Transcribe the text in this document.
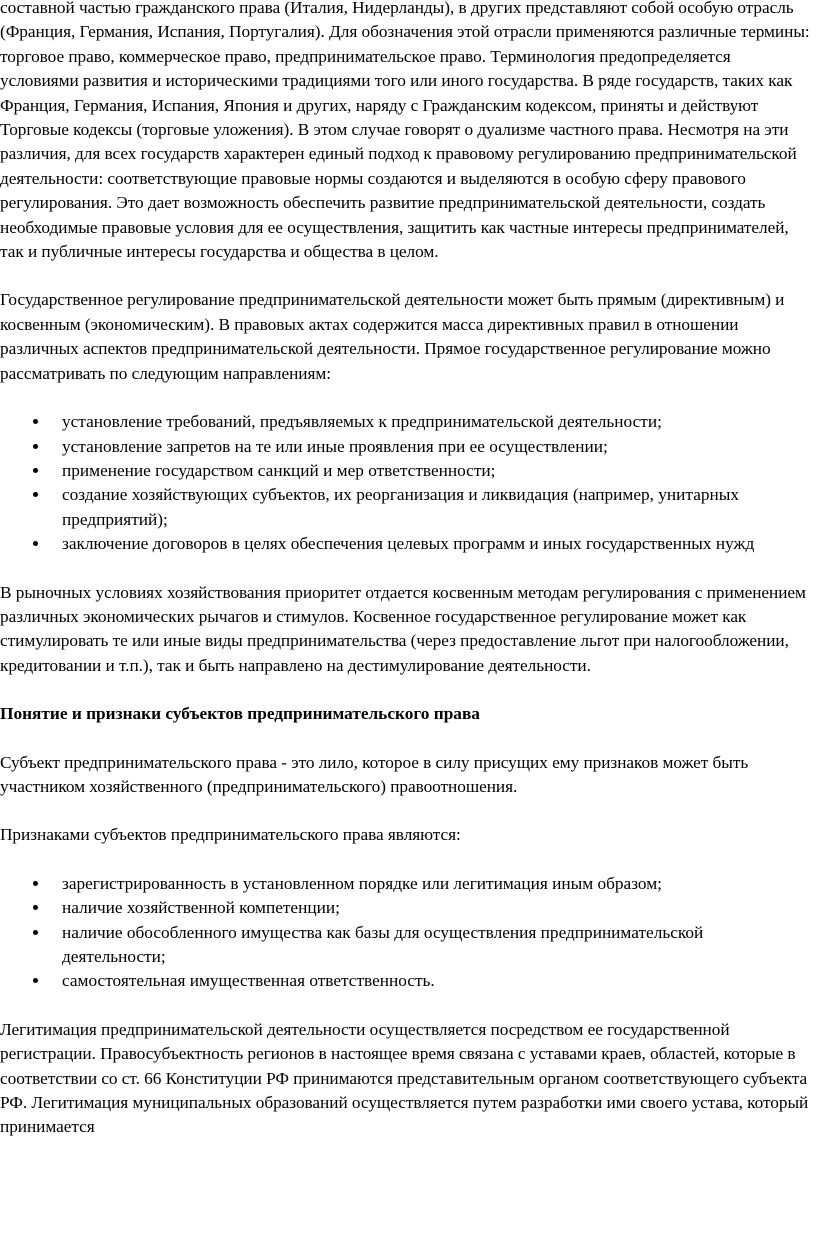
составной частью гражданского права (Италия, Нидерланды), в других представляют собой особую отрасль (Франция, Германия, Испания, Португалия). Для обозначения этой отрасли применяются различные термины: торговое право, коммерческое право, предпринимательское право. Терминология предопределяется условиями развития и историческими традициями того или иного государства. В ряде государств, таких как Франция, Германия, Испания, Япония и других, наряду с Гражданским кодексом, приняты и действуют Торговые кодексы (торговые уложения). В этом случае говорят о дуализме частного права. Несмотря на эти различия, для всех государств характерен единый подход к правовому регулированию предпринимательской деятельности: соответствующие правовые нормы создаются и выделяются в особую сферу правового регулирования. Это дает возможность обеспечить развитие предпринимательской деятельности, создать необходимые правовые условия для ее осуществления, защитить как частные интересы предпринимателей, так и публичные интересы государства и общества в целом.

Государственное регулирование предпринимательской деятельности может быть прямым (директивным) и косвенным (экономическим). В правовых актах содержится масса директивных правил в отношении различных аспектов предпринимательской деятельности. Прямое государственное регулирование можно рассматривать по следующим направлениям:

установление требований, предъявляемых к предпринимательской деятельности;
установление запретов на те или иные проявления при ее осуществлении;
применение государством санкций и мер ответственности;
создание хозяйствующих субъектов, их реорганизация и ликвидация (например, унитарных предприятий);
заключение договоров в целях обеспечения целевых программ и иных государственных нужд

В рыночных условиях хозяйствования приоритет отдается косвенным методам регулирования с применением различных экономических рычагов и стимулов. Косвенное государственное регулирование может как стимулировать те или иные виды предпринимательства (через предоставление льгот при налогообложении, кредитовании и т.п.), так и быть направлено на дестимулирование деятельности.

Понятие и признаки субъектов предпринимательского права

Субъект предпринимательского права - это лило, которое в силу присущих ему признаков может быть участником хозяйственного (предпринимательского) правоотношения.

Признаками субъектов предпринимательского права являются:

зарегистрированность в установленном порядке или легитимация иным образом;
наличие хозяйственной компетенции;
наличие обособленного имущества как базы для осуществления предпринимательской деятельности;
самостоятельная имущественная ответственность.

Легитимация предпринимательской деятельности осуществляется посредством ее государственной регистрации. Правосубъектность регионов в настоящее время связана с уставами краев, областей, которые в соответствии со ст. 66 Конституции РФ принимаются представительным органом соответствующего субъекта РФ. Легитимация муниципальных образований осуществляется путем разработки ими своего устава, который принимается
